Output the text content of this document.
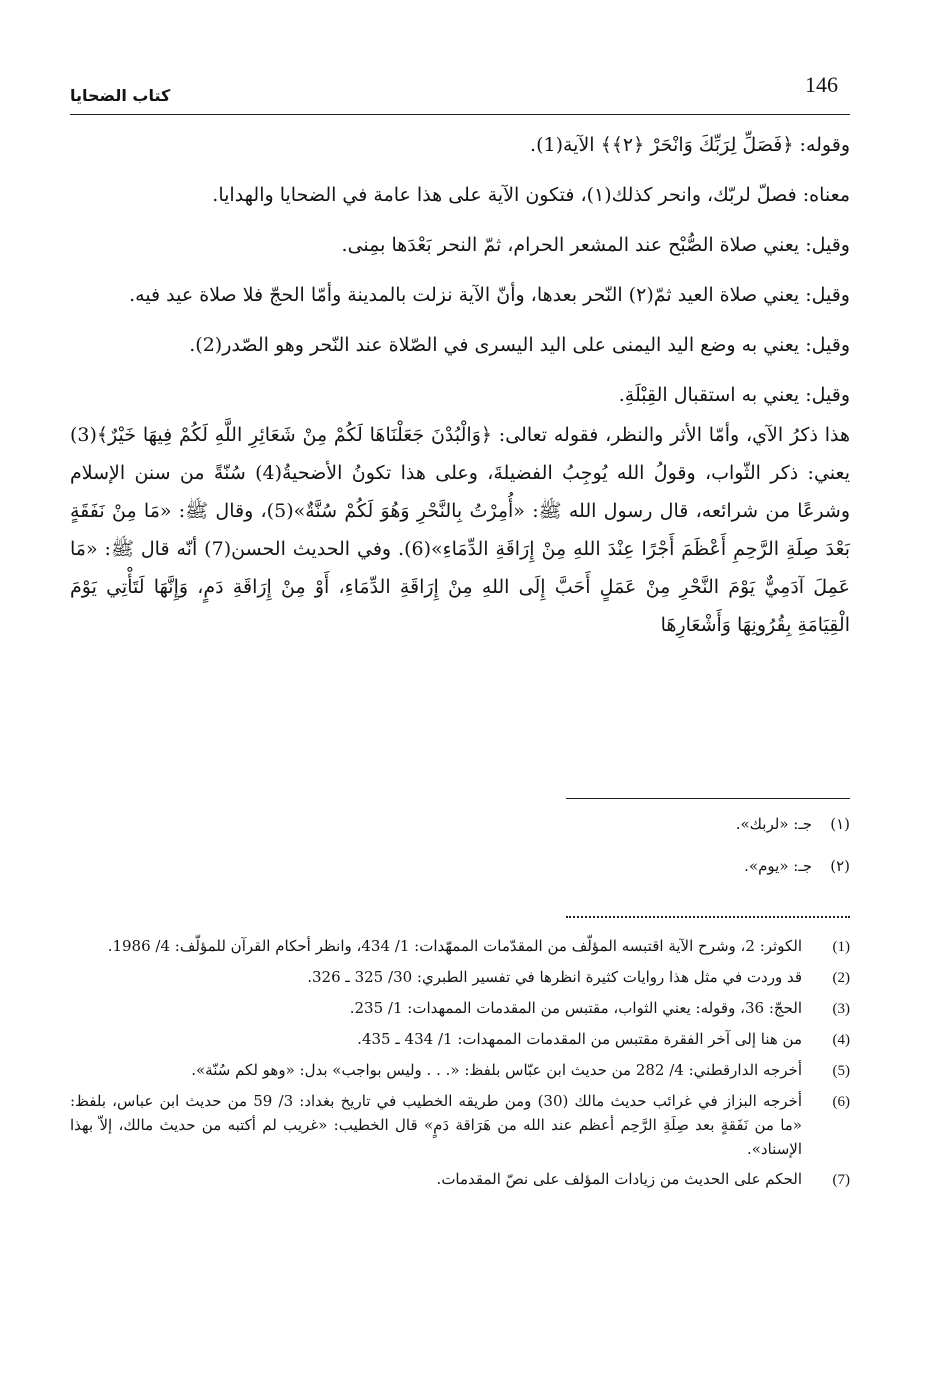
146
كتاب الضحايا

وقوله: ﴿فَصَلِّ لِرَبِّكَ وَانْحَرْ ﴿٢﴾﴾ الآية(1).

معناه: فصلّ لربّك، وانحر كذلك(١)، فتكون الآية على هذا عامة في الضحايا والهدايا.

وقيل: يعني صلاة الصُّبْح عند المشعر الحرام، ثمّ النحر بَعْدَها بمِنى.

وقيل: يعني صلاة العيد ثمّ(٢) النّحر بعدها، وأنّ الآية نزلت بالمدينة وأمّا الحجّ فلا صلاة عيد فيه.

وقيل: يعني به وضع اليد اليمنى على اليد اليسرى في الصّلاة عند النّحر وهو الصّدر(2).

وقيل: يعني به استقبال القِبْلَةِ.

هذا ذكرُ الآي، وأمّا الأثر والنظر، فقوله تعالى: ﴿وَالْبُدْنَ جَعَلْنَاهَا لَكُمْ مِنْ شَعَائِرِ اللَّهِ لَكُمْ فِيهَا خَيْرٌ﴾(3) يعني: ذكر الثّواب، وقولُ الله يُوجِبُ الفضيلةَ، وعلى هذا تكونُ الأضحيةُ(4) سُنّةً من سنن الإسلام وشرعًا من شرائعه، قال رسول الله ﷺ: «أُمِرْتُ بِالنَّحْرِ وَهُوَ لَكُمْ سُنَّةٌ»(5)، وقال ﷺ: «مَا مِنْ نَفَقَةٍ بَعْدَ صِلَةِ الرَّحِمِ أَعْظَمَ أَجْرًا عِنْدَ اللهِ مِنْ إِرَاقَةِ الدِّمَاءِ»(6). وفي الحديث الحسن(7) أنّه قال ﷺ: «مَا عَمِلَ آدَمِيٌّ يَوْمَ النَّحْرِ مِنْ عَمَلٍ أَحَبَّ إِلَى اللهِ مِنْ إِرَاقَةِ الدِّمَاءِ، أَوْ مِنْ إِرَاقَةِ دَمٍ، وَإِنَّهَا لَتَأْتِي يَوْمَ الْقِيَامَةِ بِقُرُونِهَا وَأَشْعَارِهَا

(١)
جـ: «لربك».
(٢)
جـ: «يوم».
(1)
الكوثر: 2، وشرح الآية اقتبسه المؤلّف من المقدّمات الممهّدات: 1/ 434، وانظر أحكام القرآن للمؤلّف: 4/ 1986.
(2)
قد وردت في مثل هذا روايات كثيرة انظرها في تفسير الطبري: 30/ 325 ـ 326.
(3)
الحجّ: 36، وقوله: يعني الثواب، مقتبس من المقدمات الممهدات: 1/ 235.
(4)
من هنا إلى آخر الفقرة مقتبس من المقدمات الممهدات: 1/ 434 ـ 435.
(5)
أخرجه الدارقطني: 4/ 282 من حديث ابن عبّاس بلفظ: «. . . وليس بواجب» بدل: «وهو لكم سُنّة».
(6)
أخرجه البزاز في غرائب حديث مالك (30) ومن طريقه الخطيب في تاريخ بغداد: 3/ 59 من حديث ابن عباس، بلفظ: «ما من نَفَقةٍ بعد صِلَةِ الرَّحِم أعظم عند الله من هَرَاقة دَمٍ» قال الخطيب: «غريب لم أكتبه من حديث مالك، إلاّ بهذا الإسناد».
(7)
الحكم على الحديث من زيادات المؤلف على نصّ المقدمات.
